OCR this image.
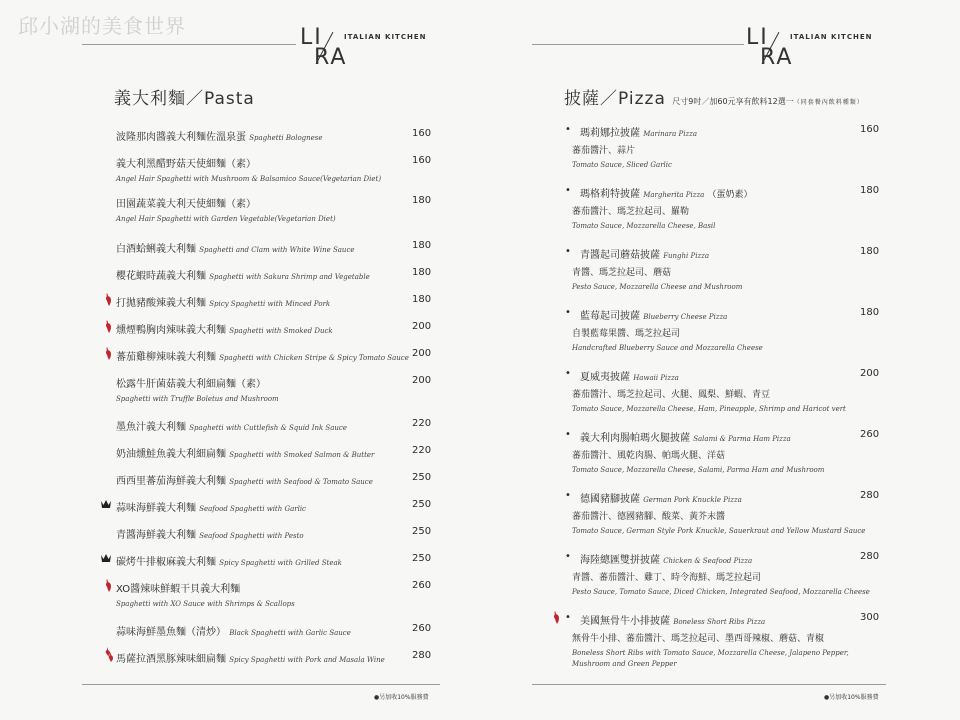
邱小湖的美食世界	LI
RA
ITALIAN KITCHEN
義大利麵／Pasta
波隆那肉醬義大利麵佐溫泉蛋 Spaghetti Bolognese	160
義大利黑醋野菇天使細麵（素）
Angel Hair Spaghetti with Mushroom & Balsamico Sauce(Vegetarian Diet)
160
田園蔬菜義大利天使細麵（素）
Angel Hair Spaghetti with Garden Vegetable(Vegetarian Diet)
180
白酒蛤蜊義大利麵 Spaghetti and Clam with White Wine Sauce	180
櫻花蝦時蔬義大利麵 Spaghetti with Sakura Shrimp and Vegetable	180
打拋豬酸辣義大利麵 Spicy Spaghetti with Minced Pork	180
燻煙鴨胸肉辣味義大利麵 Spaghetti with Smoked Duck	200
蕃茄雞柳辣味義大利麵 Spaghetti with Chicken Stripe & Spicy Tomato Sauce 200
松露牛肝菌菇義大利細扁麵（素）
Spaghetti with Truffle Boletus and Mushroom
200
墨魚汁義大利麵 Spaghetti with Cuttlefish & Squid Ink Sauce	220
奶油燻鮭魚義大利細扁麵 Spaghetti with Smoked Salmon & Butter	220
西西里蕃茄海鮮義大利麵 Spaghetti with Seafood & Tomato Sauce	250
蒜味海鮮義大利麵 Seafood Spaghetti with Garlic	250
青醬海鮮義大利麵 Seafood Spaghetti with Pesto	250
碳烤牛排椒麻義大利麵 Spicy Spaghetti with Grilled Steak	250
XO醬辣味鮮蝦干貝義大利麵
Spaghetti with XO Sauce with Shrimps & Scallops
260
蒜味海鮮墨魚麵（清炒） Black Spaghetti with Garlic Sauce	260
馬薩拉酒黑豚辣味細扁麵 Spicy Spaghetti with Pork and Masala Wine	280
●另加收10%服務費
LI
RA
ITALIAN KITCHEN
披薩／Pizza 尺寸9吋／加60元享有飲料12選一（同套餐內飲料種類）
• 瑪莉娜拉披薩 Marinara Pizza
蕃茄醬汁、蒜片
Tomato Sauce, Sliced Garlic
160
• 瑪格莉特披薩 Margherita Pizza （蛋奶素）
蕃茄醬汁、瑪芝拉起司、羅勒
Tomato Sauce, Mozzarella Cheese, Basil
180
• 青醬起司蘑菇披薩 Funghi Pizza
青醬、瑪芝拉起司、蘑菇
Pesto Sauce, Mozzarella Cheese and Mushroom
180
• 藍莓起司披薩 Blueberry Cheese Pizza
自製藍莓果醬、瑪芝拉起司
Handcrafted Blueberry Sauce and Mozzarella Cheese
180
• 夏威夷披薩 Hawaii Pizza
蕃茄醬汁、瑪芝拉起司、火腿、鳳梨、鮮蝦、青豆
Tomato Sauce, Mozzarella Cheese, Ham, Pineapple, Shrimp and Haricot vert
200
• 義大利肉腸帕瑪火腿披薩 Salami & Parma Ham Pizza
蕃茄醬汁、風乾肉腸、帕瑪火腿、洋菇
Tomato Sauce, Mozzarella Cheese, Salami, Parma Ham and Mushroom
260
• 德國豬腳披薩 German Pork Knuckle Pizza
蕃茄醬汁、德國豬腳、酸菜、黃芥末醬
Tomato Sauce, German Style Pork Knuckle, Sauerkraut and Yellow Mustard Sauce
280
• 海陸總匯雙拼披薩 Chicken & Seafood Pizza
青醬、蕃茄醬汁、雞丁、時令海鮮、瑪芝拉起司
Pesto Sauce, Tomato Sauce, Diced Chicken, Integrated Seafood, Mozzarella Cheese
280
• 美國無骨牛小排披薩 Boneless Short Ribs Pizza
無骨牛小排、蕃茄醬汁、瑪芝拉起司、墨西哥辣椒、蘑菇、青椒
Boneless Short Ribs with Tomato Sauce, Mozzarella Cheese, Jalapeno Pepper,
Mushroom and Green Pepper
300
●另加收10%服務費
